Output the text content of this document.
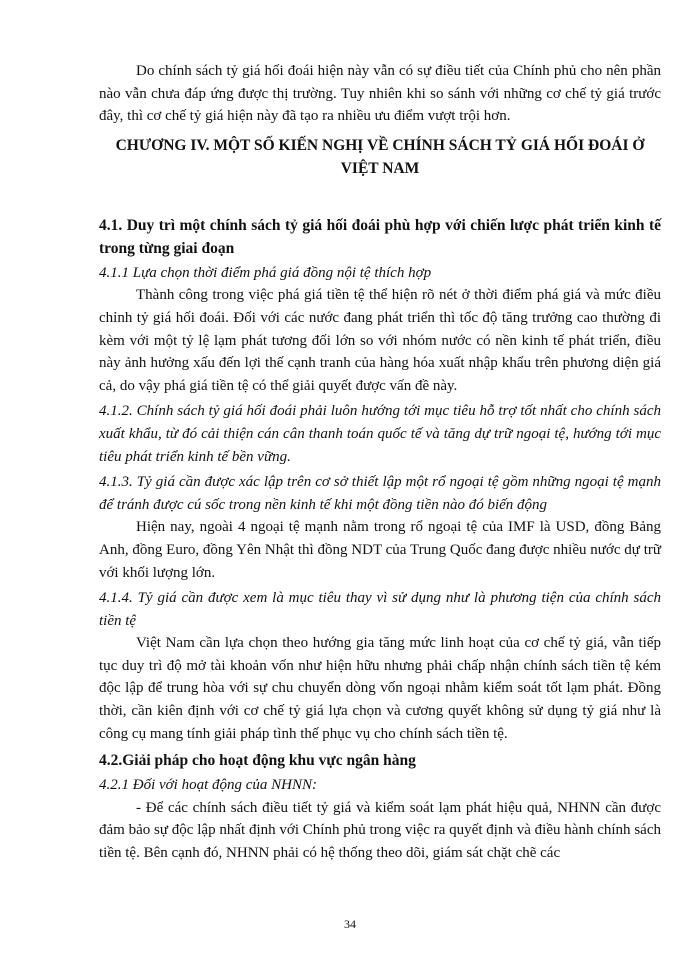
Do chính sách tỷ giá hối đoái hiện này vẫn có sự điều tiết của Chính phủ cho nên phần nào vẫn chưa đáp ứng được thị trường. Tuy nhiên khi so sánh với những cơ chế tỷ giá trước đây, thì cơ chế tỷ giá hiện này đã tạo ra nhiều ưu điểm vượt trội hơn.

CHƯƠNG IV. MỘT SỐ KIẾN NGHỊ VỀ CHÍNH SÁCH TỶ GIÁ HỐI ĐOÁI Ở VIỆT NAM

4.1. Duy trì một chính sách tỷ giá hối đoái phù hợp với chiến lược phát triển kinh tế trong từng giai đoạn

4.1.1 Lựa chọn thời điểm phá giá đồng nội tệ thích hợp

Thành công trong việc phá giá tiền tệ thể hiện rõ nét ở thời điểm phá giá và mức điều chỉnh tỷ giá hối đoái. Đối với các nước đang phát triển thì tốc độ tăng trưởng cao thường đi kèm với một tỷ lệ lạm phát tương đối lớn so với nhóm nước có nền kinh tế phát triển, điều này ảnh hưởng xấu đến lợi thế cạnh tranh của hàng hóa xuất nhập khẩu trên phương diện giá cả, do vậy phá giá tiền tệ có thể giải quyết được vấn đề này.

4.1.2. Chính sách tỷ giá hối đoái phải luôn hướng tới mục tiêu hỗ trợ tốt nhất cho chính sách xuất khẩu, từ đó cải thiện cán cân thanh toán quốc tế và tăng dự trữ ngoại tệ, hướng tới mục tiêu phát triển kinh tế bền vững.

4.1.3. Tỷ giá cần được xác lập trên cơ sở thiết lập một rổ ngoại tệ gồm những ngoại tệ mạnh để tránh được cú sốc trong nền kinh tế khi một đồng tiền nào đó biến động

Hiện nay, ngoài 4 ngoại tệ mạnh nằm trong rổ ngoại tệ của IMF là USD, đồng Bảng Anh, đồng Euro, đồng Yên Nhật thì đồng NDT của Trung Quốc đang được nhiều nước dự trữ với khối lượng lớn.

4.1.4. Tỷ giá cần được xem là mục tiêu thay vì sử dụng như là phương tiện của chính sách tiền tệ

Việt Nam cần lựa chọn theo hướng gia tăng mức linh hoạt của cơ chế tỷ giá, vẫn tiếp tục duy trì độ mở tài khoản vốn như hiện hữu nhưng phải chấp nhận chính sách tiền tệ kém độc lập để trung hòa với sự chu chuyển dòng vốn ngoại nhằm kiểm soát tốt lạm phát. Đồng thời, cần kiên định với cơ chế tỷ giá lựa chọn và cương quyết không sử dụng tỷ giá như là công cụ mang tính giải pháp tình thế phục vụ cho chính sách tiền tệ.

4.2.Giải pháp cho hoạt động khu vực ngân hàng

4.2.1 Đối với hoạt động của NHNN:

- Để các chính sách điều tiết tỷ giá và kiểm soát lạm phát hiệu quả, NHNN cần được đảm bảo sự độc lập nhất định với Chính phủ trong việc ra quyết định và điều hành chính sách tiền tệ. Bên cạnh đó, NHNN phải có hệ thống theo dõi, giám sát chặt chẽ các

34
